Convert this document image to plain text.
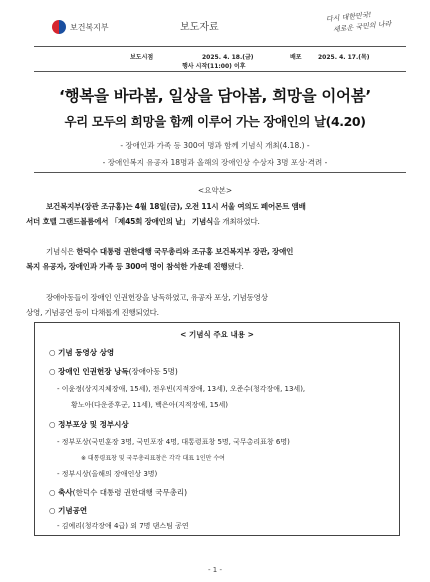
보건복지부	보도자료
다시 대한민국!
새로운 국민의 나라
보도시점	2025. 4. 18.(금)
행사 시작(11:00) 이후
배포	2025. 4. 17.(목)
‘행복을 바라봄, 일상을 담아봄, 희망을 이어봄’
우리 모두의 희망을 함께 이루어 가는 장애인의 날(4.20)
- 장애인과 가족 등 300여 명과 함께 기념식 개최(4.18.) -
- 장애인복지 유공자 18명과 올해의 장애인상 수상자 3명 포상·격려 -
<요약본>
보건복지부(장관 조규홍)는 4월 18일(금), 오전 11시 서울 여의도 페어몬트 앰배
서더 호텔 그랜드볼룸에서 「제45회 장애인의 날」 기념식을 개최하였다.
기념식은 한덕수 대통령 권한대행 국무총리와 조규홍 보건복지부 장관, 장애인
복지 유공자, 장애인과 가족 등 300여 명이 참석한 가운데 진행됐다.
장애아동들이 장애인 인권헌장을 낭독하였고, 유공자 포상, 기념동영상
상영, 기념공연 등이 다채롭게 진행되었다.
< 기념식 주요 내용 >
○ 기념 동영상 상영
○ 장애인 인권헌장 낭독(장애아동 5명)
- 이윤정(상지지체장애, 15세), 전우빈(지적장애, 13세), 오준수(청각장애, 13세),
황노아(다운증후군, 11세), 백은아(지적장애, 15세)
○ 정부포상 및 정부시상
- 정부포상(국민훈장 3명, 국민포장 4명, 대통령표창 5명, 국무총리표창 6명)
※ 대통령표창 및 국무총리표창은 각각 대표 1인만 수여
- 정부시상(올해의 장애인상 3명)
○ 축사(한덕수 대통령 권한대행 국무총리)
○ 기념공연
- 김예리(청각장애 4급) 외 7명 댄스팀 공연
- 1 -
